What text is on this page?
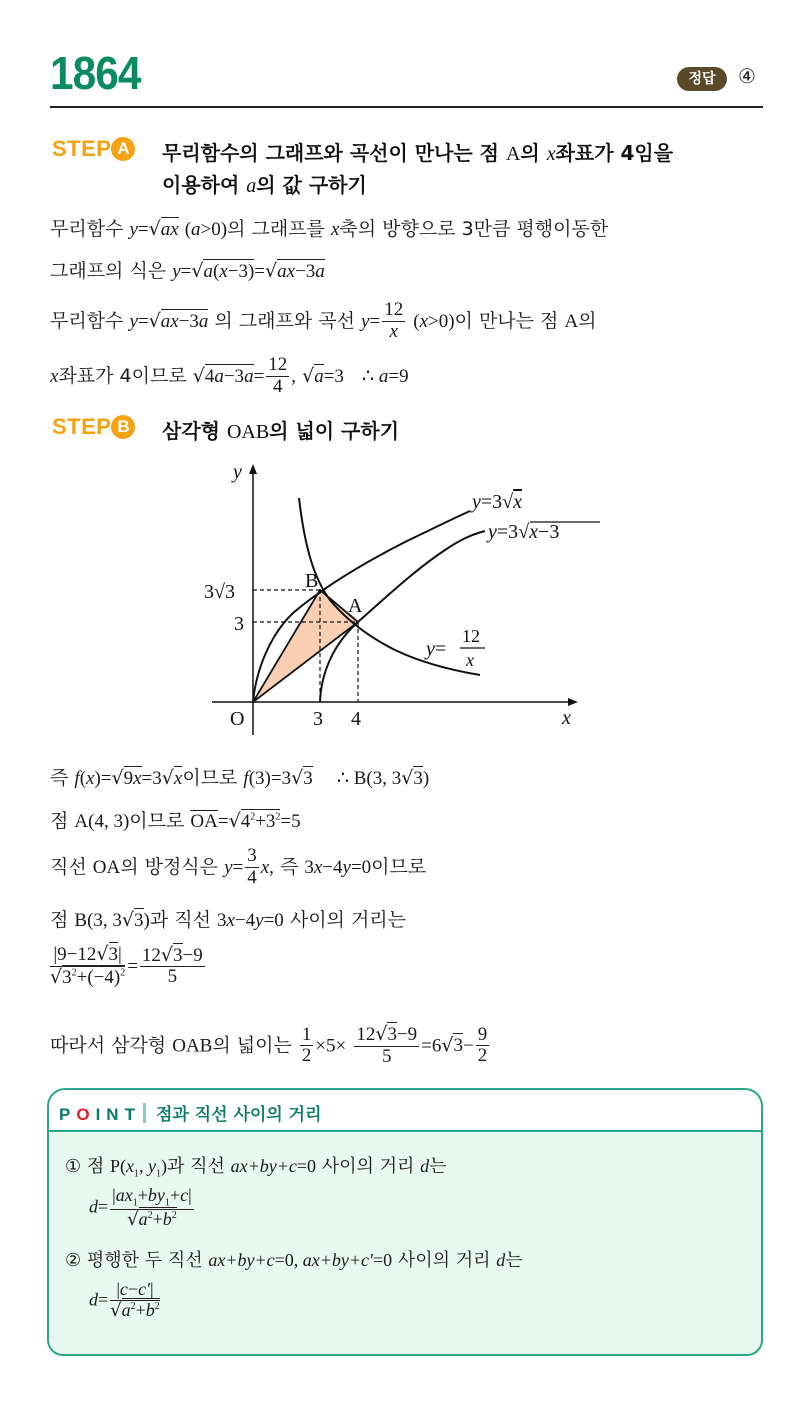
1864	정답	④
STEP A 무리함수의 그래프와 곡선이 만나는 점 A의 x좌표가 4임을
이용하여 a의 값 구하기
무리함수 y=√ax (a>0)의 그래프를 x축의 방향으로 3만큼 평행이동한
그래프의 식은 y=√a(x−3)=√ax−3a
무리함수 y=√ax−3a 의 그래프와 곡선 $y= \frac{12}{x} (x>0)$이 만나는 점 A의
x좌표가 4이므로 $√4a-3a= \frac{12}{4}$ , √a=3 ∴ a=9
STEP B 삼각형 OAB의 넓이 구하기
y
x
O	3 4
3
3√3	B
A
y=3√x
y=3√x−3
y=
12
x
즉 f(x)=√9x=3√x이므로 f(3)=3√3 ∴ B(3, 3√3)
점 A(4, 3)이므로 $\overline{OA}=√4^2+3^2=5$
직선 OA의 방정식은 $y= \frac{3}{4} x$, 즉 3x−4y=0이므로
점 B(3, 3√3)과 직선 3x−4y=0 사이의 거리는
$\frac{|9-12√3|}{√3^2+(-4)^2} = \frac{12√3-9}{5}$
따라서 삼각형 OAB의 넓이는 $\frac{1}{2} \times 5\times \frac{12√3-9}{5} =6√3- \frac{9}{2}$
POINT 점과 직선 사이의 거리
① 점 $P(x_1$, $y_1$)과 직선 ax+by+c=0 사이의 거리 d는
$d= \frac{|ax_1+by_1+c|}{√a^2+b^2}$
② 평행한 두 직선 ax+by+c=0, ax+by+c′=0 사이의 거리 d는
$d= \frac{|c-c'|}{√a^2+b^2}$
